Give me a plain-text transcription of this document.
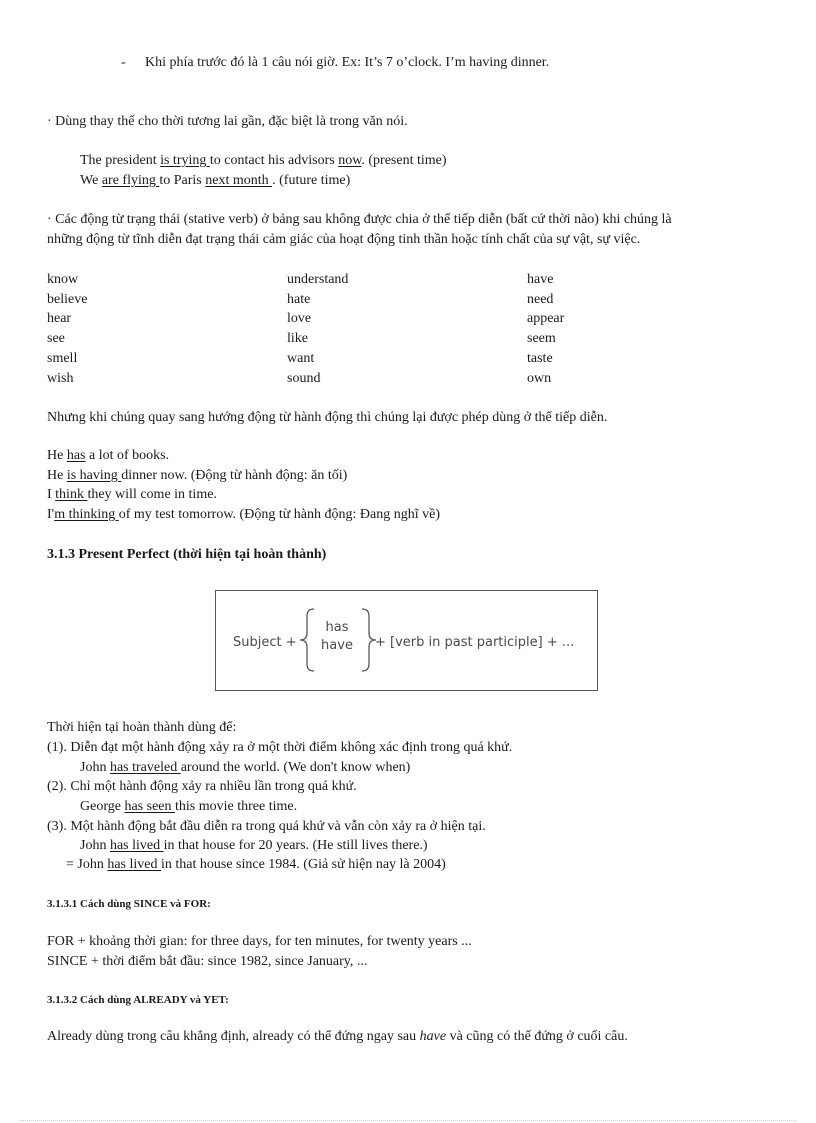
- Khi phía trước đó là 1 câu nói giờ. Ex: It’s 7 o’clock. I’m having dinner.
· Dùng thay thế cho thời tương lai gần, đặc biệt là trong văn nói.
The president is trying to contact his advisors now. (present time)
We are flying to Paris next month . (future time)
· Các động từ trạng thái (stative verb) ở bảng sau không được chia ở thể tiếp diễn (bất cứ thời nào) khi chúng là
những động từ tĩnh diễn đạt trạng thái cảm giác của hoạt động tinh thần hoặc tính chất của sự vật, sự việc.
know
believe
hear
see
smell
wish
understand
hate
love
like
want
sound
have
need
appear
seem
taste
own
Nhưng khi chúng quay sang hướng động từ hành động thì chúng lại được phép dùng ở thể tiếp diễn.
He has a lot of books.
He is having dinner now. (Động từ hành động: ăn tối)
I think they will come in time.
I'm thinking of my test tomorrow. (Động từ hành động: Đang nghĩ về)
3.1.3 Present Perfect (thời hiện tại hoàn thành)
Subject +
has
have + [verb in past participle] + ...
Thời hiện tại hoàn thành dùng để:
(1). Diễn đạt một hành động xảy ra ở một thời điểm không xác định trong quá khứ.
John has traveled around the world. (We don't know when)
(2). Chỉ một hành động xảy ra nhiều lần trong quá khứ.
George has seen this movie three time.
(3). Một hành động bắt đầu diễn ra trong quá khứ và vẫn còn xảy ra ở hiện tại.
John has lived in that house for 20 years. (He still lives there.)
= John has lived in that house since 1984. (Giả sử hiện nay là 2004)
3.1.3.1 Cách dùng SINCE và FOR:
FOR + khoảng thời gian: for three days, for ten minutes, for twenty years ...
SINCE + thời điểm bắt đầu: since 1982, since January, ...
3.1.3.2 Cách dùng ALREADY và YET:
Already dùng trong câu khẳng định, already có thể đứng ngay sau have và cũng có thể đứng ở cuối câu.
